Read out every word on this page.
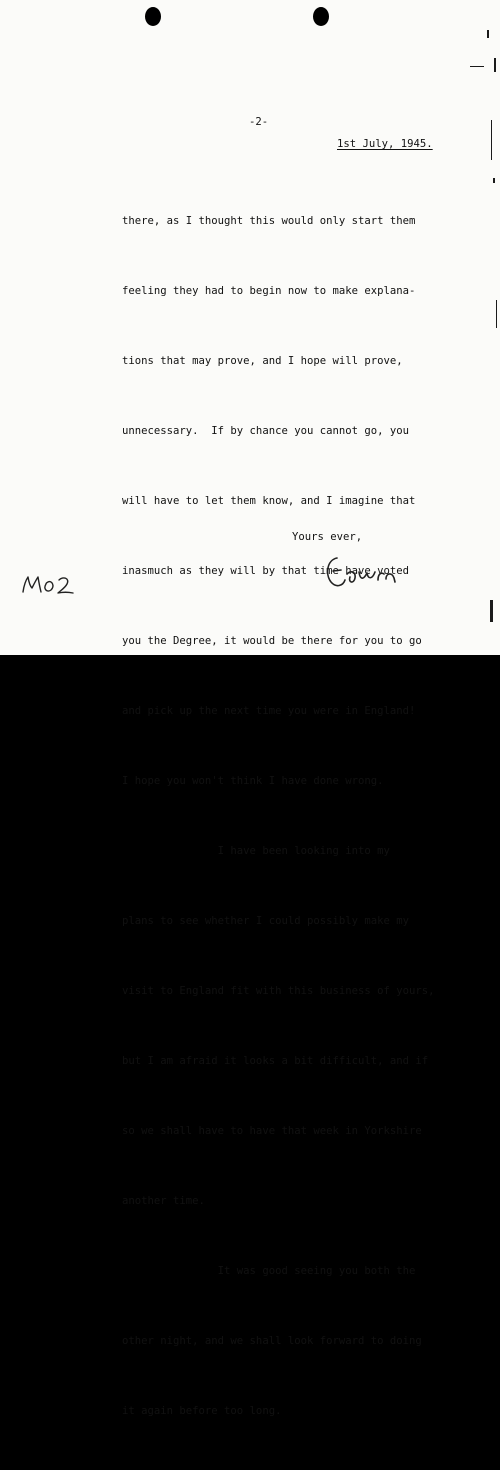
-2-
1st July, 1945.

there, as I thought this would only start them

feeling they had to begin now to make explana-

tions that may prove, and I hope will prove,

unnecessary.  If by chance you cannot go, you

will have to let them know, and I imagine that

inasmuch as they will by that time have voted

you the Degree, it would be there for you to go

and pick up the next time you were in England!

I hope you won't think I have done wrong.

I have been looking into my

plans to see whether I could possibly make my

visit to England fit with this business of yours,

but I am afraid it looks a bit difficult, and if

so we shall have to have that week in Yorkshire

another time.

It was good seeing you both the

other night, and we shall look forward to doing

it again before too long.

Yours ever,
